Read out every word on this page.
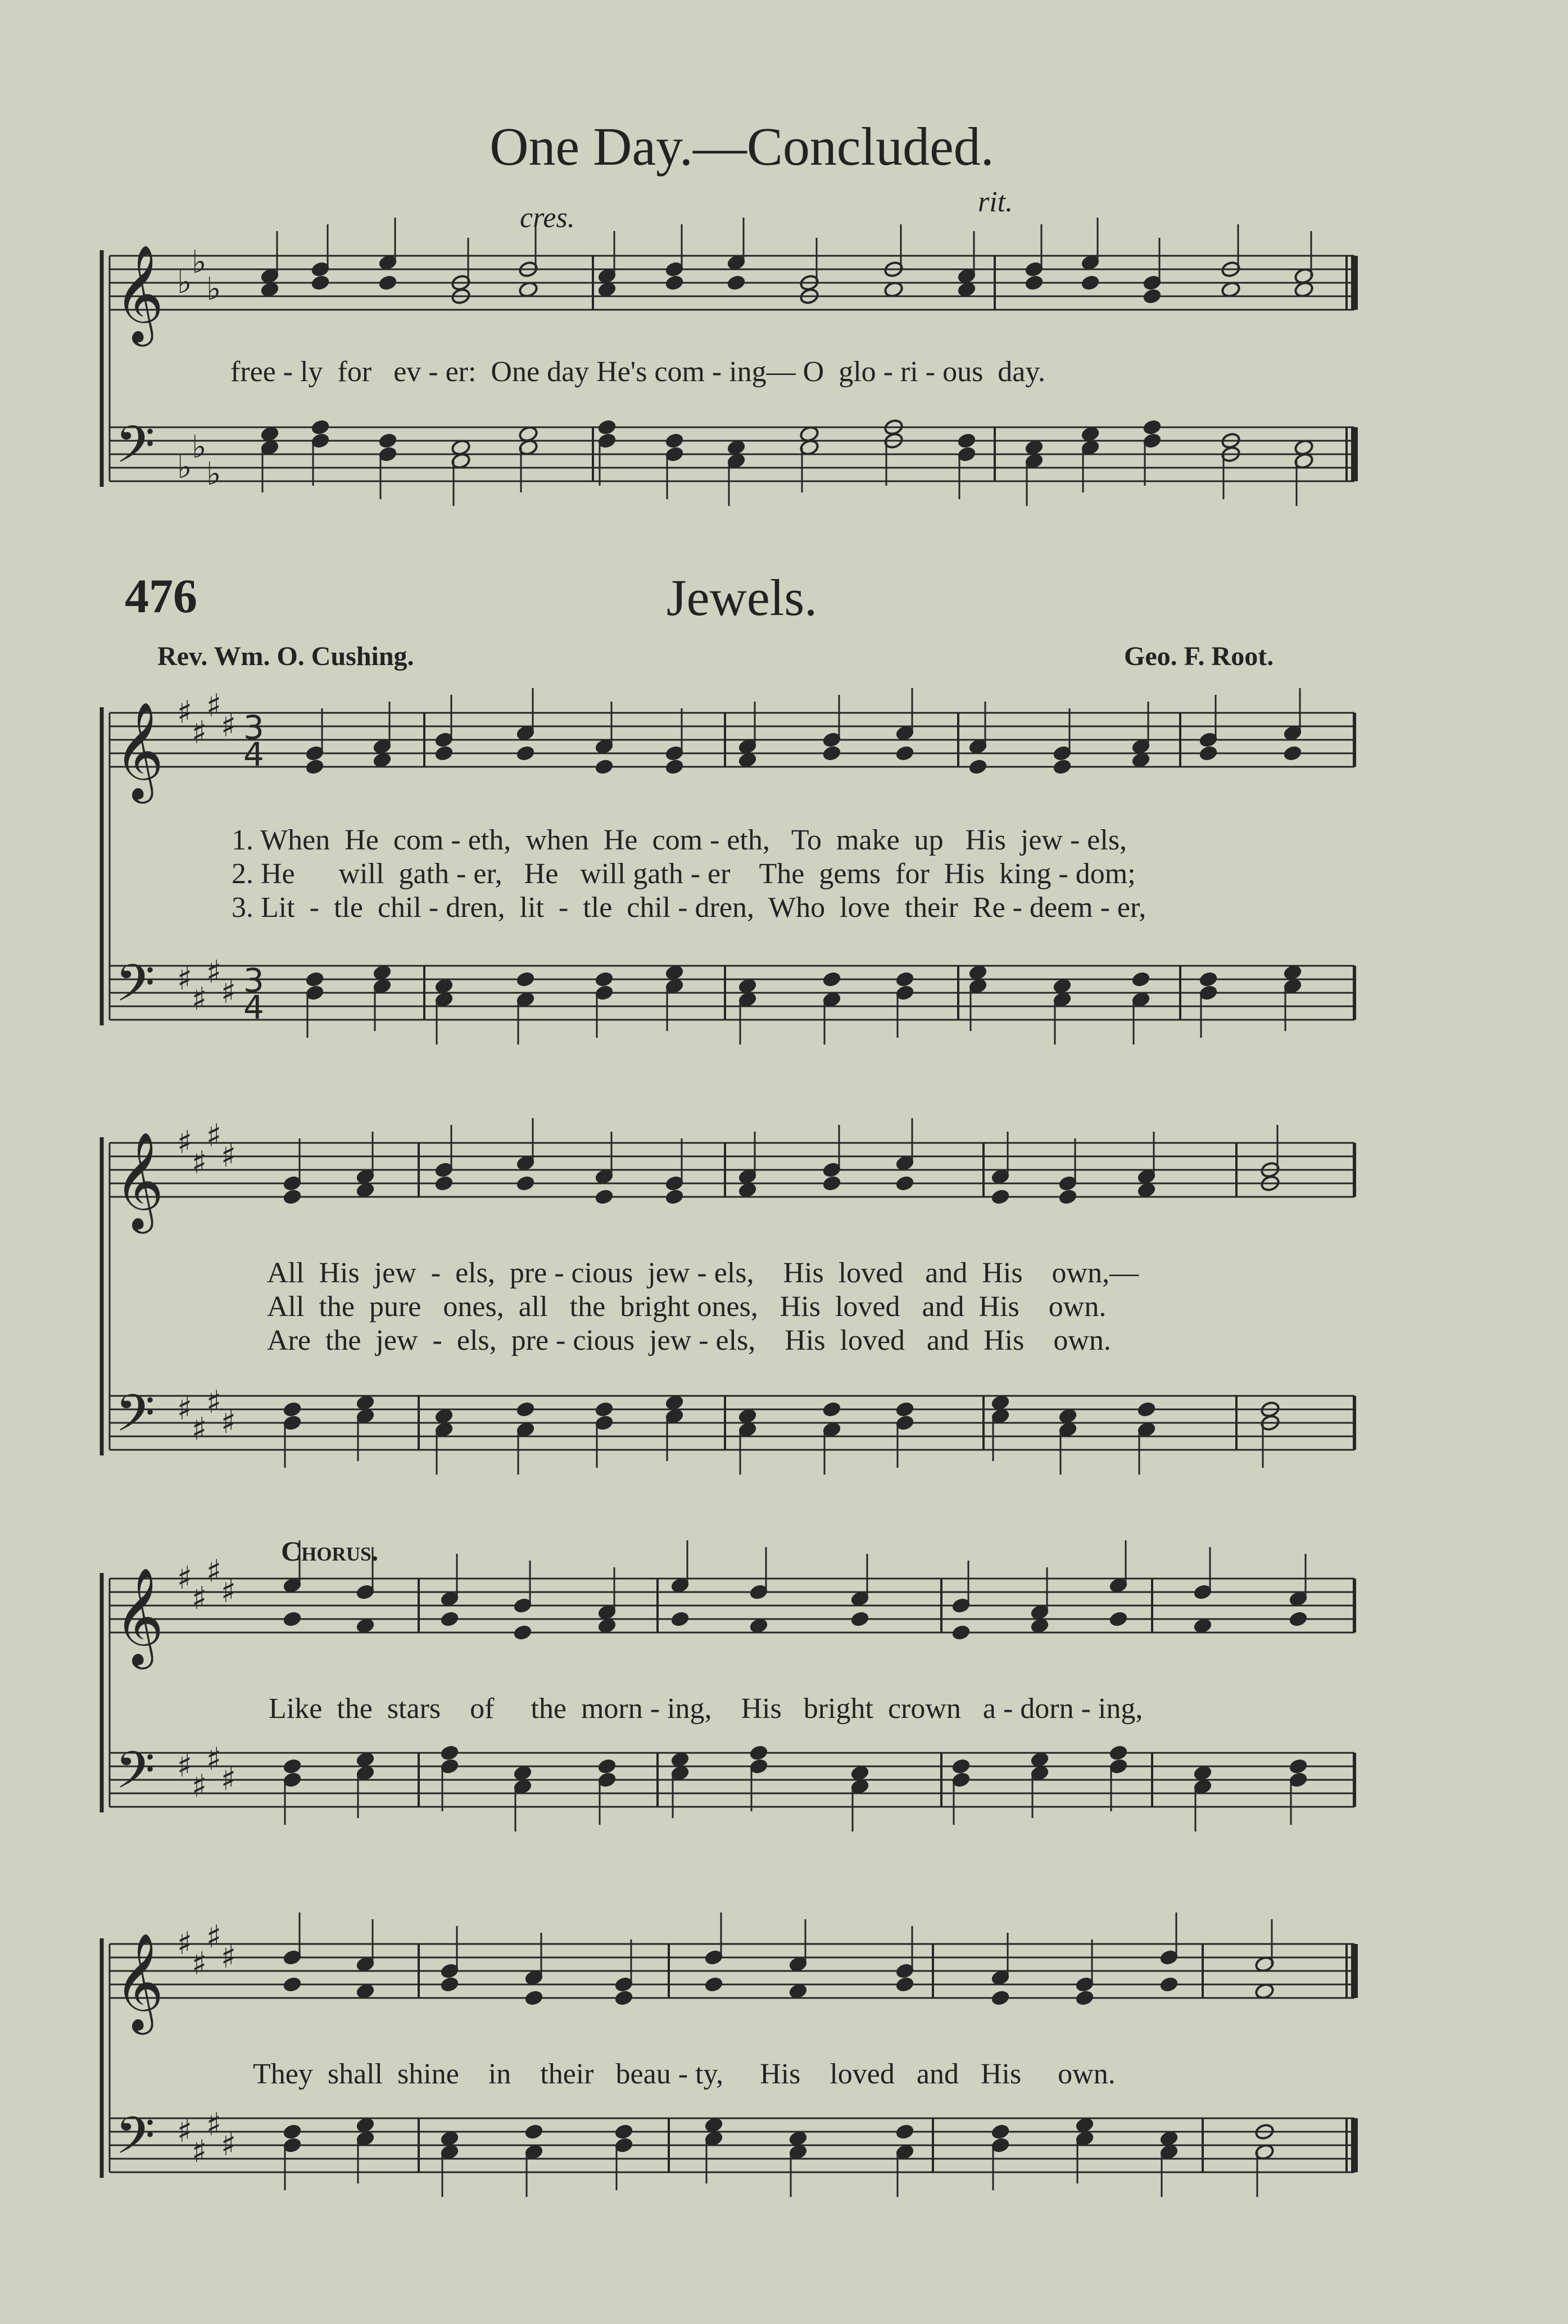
One Day.—Concluded.
cres.	rit.
free - ly  for   ev - er:  One day He's com - ing— O  glo - ri - ous  day.
476	Jewels.
Rev. Wm. O. Cushing.	Geo. F. Root.
1. When  He  com - eth,  when  He  com - eth,   To  make  up   His  jew - els,
2. He      will  gath - er,   He   will gath - er    The  gems  for  His  king - dom;
3. Lit  -  tle  chil - dren,  lit  -  tle  chil - dren,  Who  love  their  Re - deem - er,
All  His  jew  -  els,  pre - cious  jew - els,    His  loved   and  His    own,—
All  the  pure   ones,  all   the  bright ones,   His  loved   and  His    own.
Are  the  jew  -  els,  pre - cious  jew - els,    His  loved   and  His    own.
Chorus.
Like  the  stars    of     the  morn - ing,    His   bright  crown   a - dorn - ing,
They  shall  shine    in    their   beau - ty,     His    loved   and   His     own.
𝄞
𝄢
♭
♭
♭
♭
♭
♭
𝄞
𝄢
♯
♯
♯
♯
♯
♯
♯
♯
3
4
3
4
𝄞
𝄢
♯
♯
♯
♯
♯
♯
♯
♯
𝄞
𝄢
♯
♯
♯
♯
♯
♯
♯
♯
𝄞
𝄢
♯
♯
♯
♯
♯
♯
♯
♯
